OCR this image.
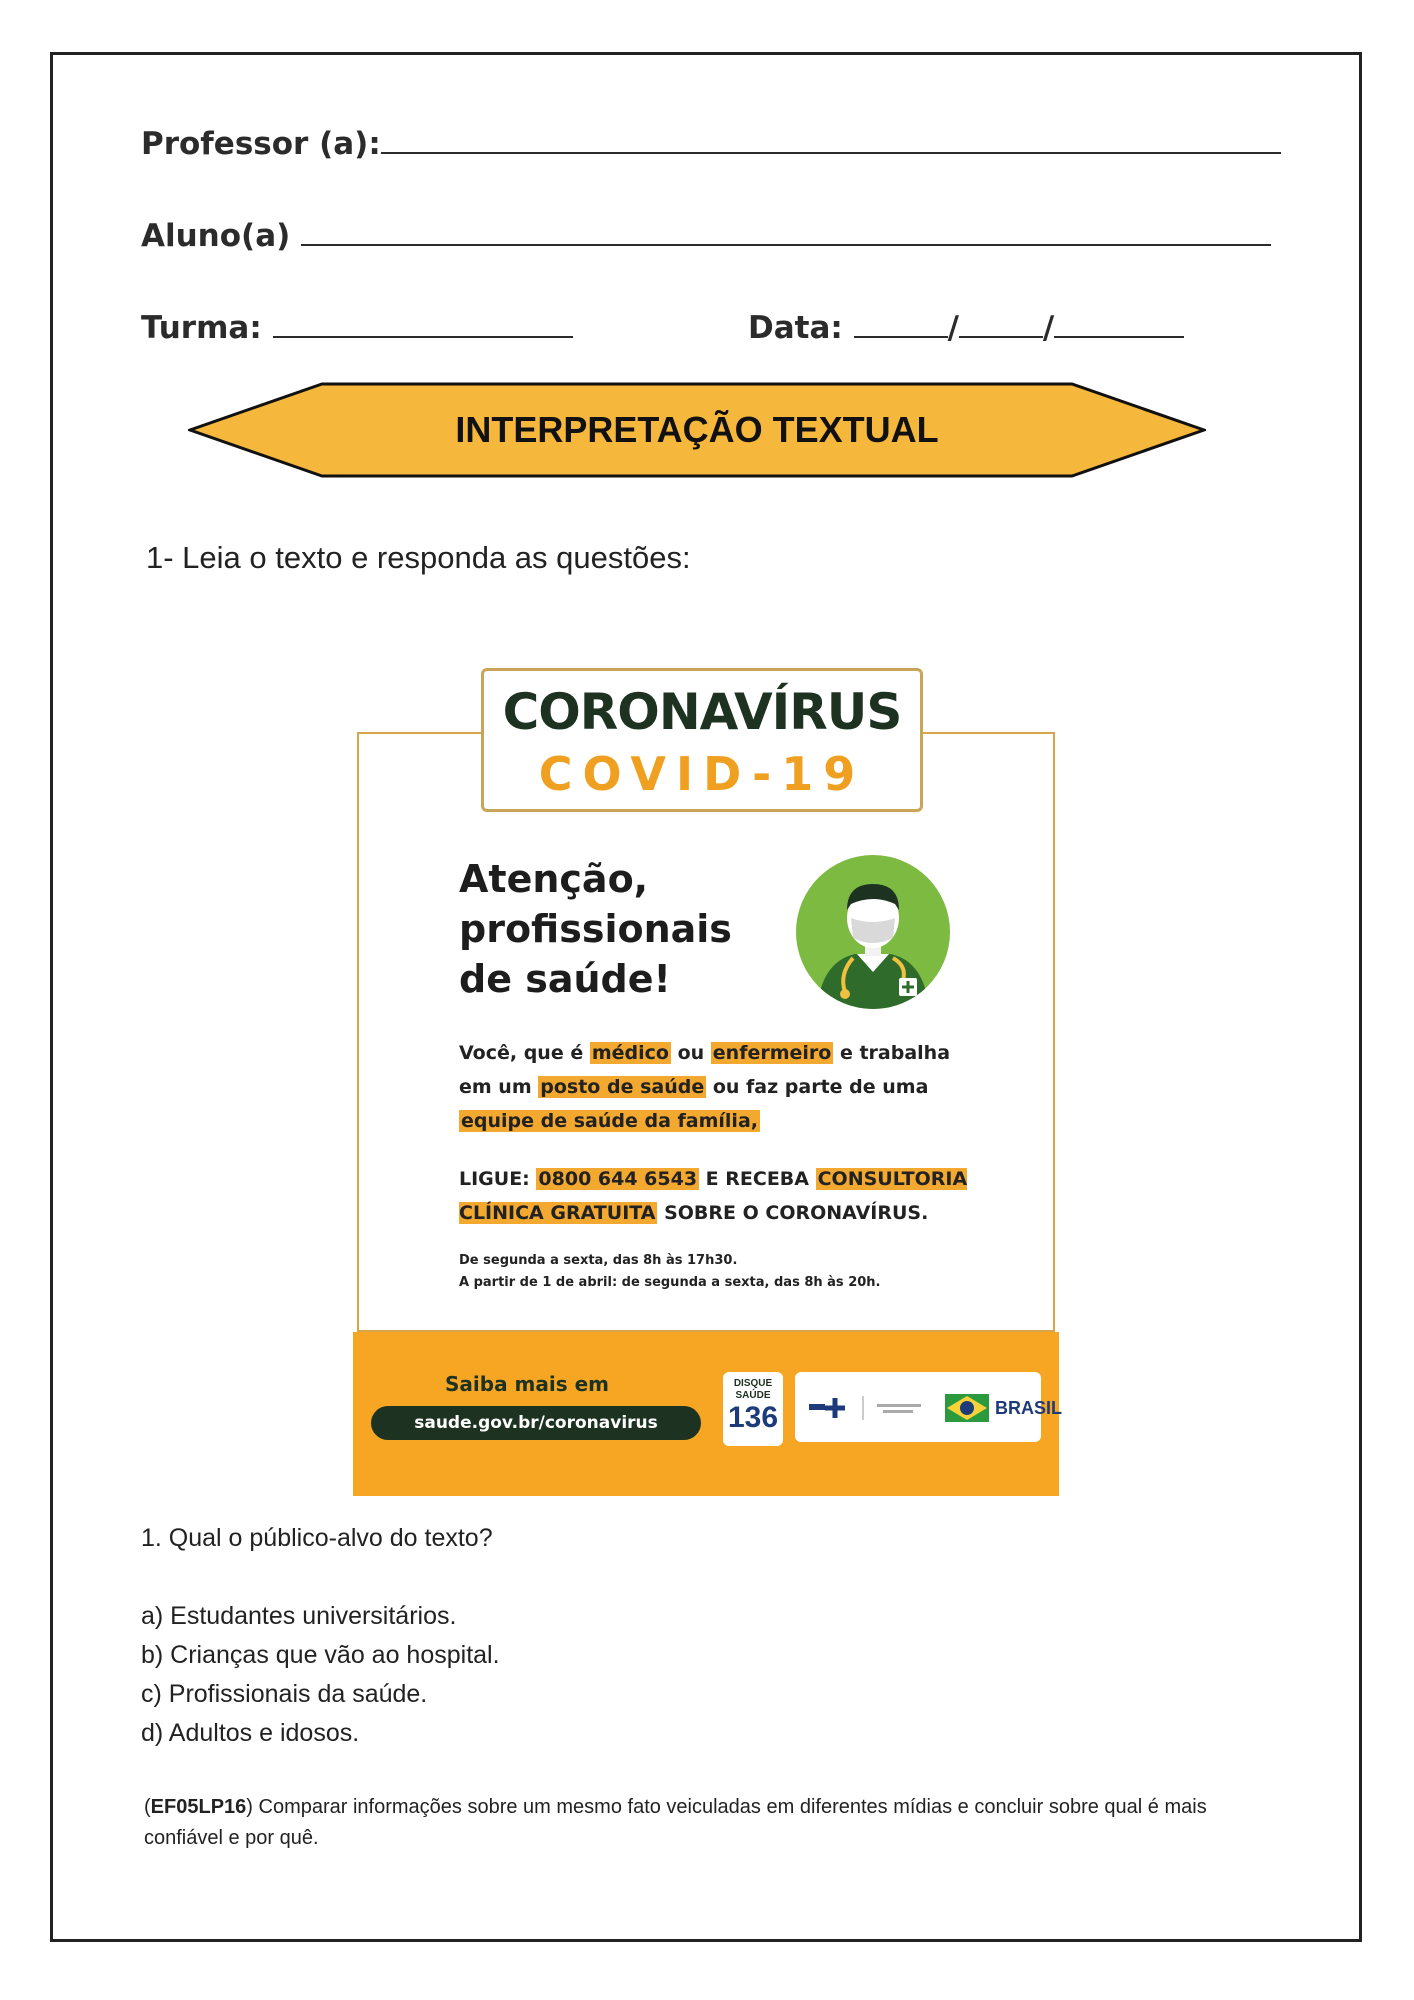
Professor (a):
Aluno(a)
Turma:	Data:	/	/
INTERPRETAÇÃO TEXTUAL
1- Leia o texto e responda as questões:
CORONAVÍRUS
COVID-19
Atenção,
profissionais
de saúde!
Você, que é médico ou enfermeiro e trabalha em um posto de saúde ou faz parte de uma equipe de saúde da família,
LIGUE: 0800 644 6543 E RECEBA CONSULTORIA CLÍNICA GRATUITA SOBRE O CORONAVÍRUS.
De segunda a sexta, das 8h às 17h30.
A partir de 1 de abril: de segunda a sexta, das 8h às 20h.
Saiba mais em
saude.gov.br/coronavirus
DISQUE SAÚDE
136	BRASIL
1. Qual o público-alvo do texto?
a) Estudantes universitários.
b) Crianças que vão ao hospital.
c) Profissionais da saúde.
d) Adultos e idosos.
(EF05LP16) Comparar informações sobre um mesmo fato veiculadas em diferentes mídias e concluir sobre qual é mais confiável e por quê.
